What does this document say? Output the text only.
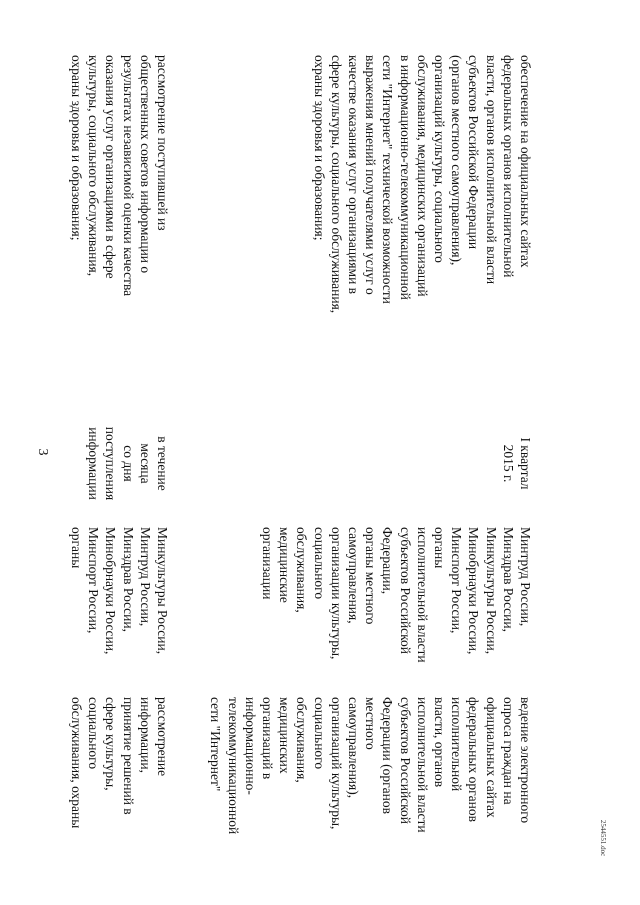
3
2544551.doc
обеспечение на официальных сайтах
федеральных органов исполнительной
власти, органов исполнительной власти
субъектов Российской Федерации
(органов местного самоуправления),
организаций культуры, социального
обслуживания, медицинских организаций
в информационно-телекоммуникационной
сети "Интернет" технической возможности
выражения мнений получателями услуг о
качестве оказания услуг организациями в
сфере культуры, социального обслуживания,
охраны здоровья и образования;
I квартал
2015 г.
Минтруд России,
Минздрав России,
Минкультуры России,
Минобрнауки России,
Минспорт России,
органы
исполнительной власти
субъектов Российской
Федерации,
органы местного
самоуправления,
организации культуры,
социального
обслуживания,
медицинские
организации
ведение электронного
опроса граждан на
официальных сайтах
федеральных органов
исполнительной
власти, органов
исполнительной власти
субъектов Российской
Федерации (органов
местного
самоуправления),
организаций культуры,
социального
обслуживания,
медицинских
организаций в
информационно-
телекоммуникационной
сети "Интернет"
рассмотрение поступившей из
общественных советов информации о
результатах независимой оценки качества
оказания услуг организациями в сфере
культуры, социального обслуживания,
охраны здоровья и образования;
в течение месяца
со дня
поступления
информации
Минкультуры России,
Минтруд России,
Минздрав России,
Минобрнауки России,
Минспорт России,
органы
рассмотрение
информации,
принятие решений в
сфере культуры,
социального
обслуживания, охраны
